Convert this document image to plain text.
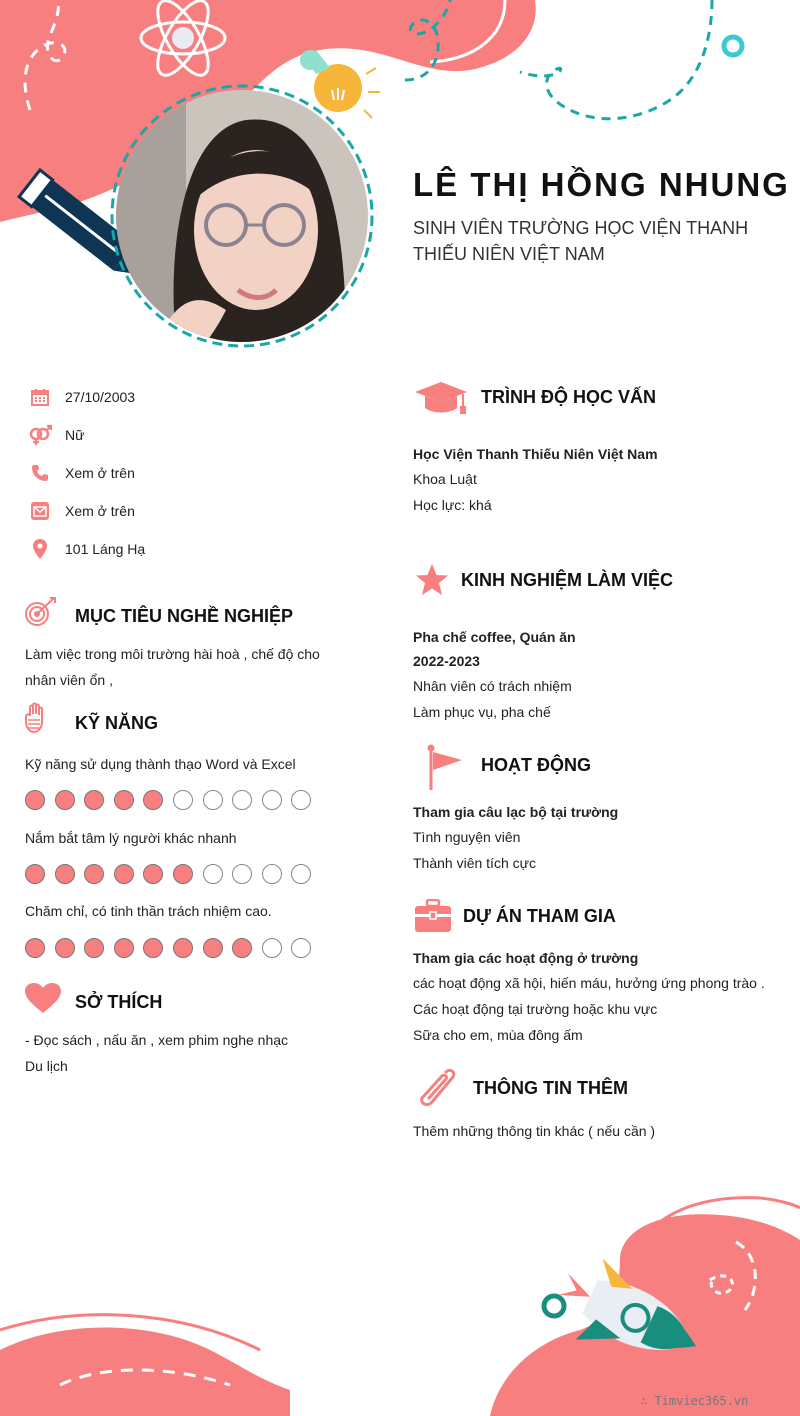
LÊ THỊ HỒNG NHUNG
SINH VIÊN TRƯỜNG HỌC VIỆN THANH THIẾU NIÊN VIỆT NAM
27/10/2003
Nữ
Xem ở trên
Xem ở trên
101 Láng Hạ
MỤC TIÊU NGHỀ NGHIỆP
Làm việc trong môi trường hài hoà , chế độ cho
nhân viên ổn ,
KỸ NĂNG
Kỹ năng sử dụng thành thạo Word và Excel
Nắm bắt tâm lý người khác nhanh
Chăm chỉ, có tinh thần trách nhiệm cao.
SỞ THÍCH
- Đọc sách , nấu ăn , xem phim nghe nhạc
Du lịch
TRÌNH ĐỘ HỌC VẤN
Học Viện Thanh Thiếu Niên Việt Nam
Khoa Luật
Học lực: khá
KINH NGHIỆM LÀM VIỆC
Pha chế coffee, Quán ăn
2022-2023
Nhân viên có trách nhiệm
Làm phục vụ, pha chế
HOẠT ĐỘNG
Tham gia câu lạc bộ tại trường
Tình nguyện viên
Thành viên tích cực
DỰ ÁN THAM GIA
Tham gia các hoạt động ở trường
các hoạt động xã hội, hiến máu, hưởng ứng phong trào .
Các hoạt động tại trường hoặc khu vực
Sữa cho em, mùa đông ấm
THÔNG TIN THÊM
Thêm những thông tin khác ( nếu cần )
∴ Timviec365.vn
